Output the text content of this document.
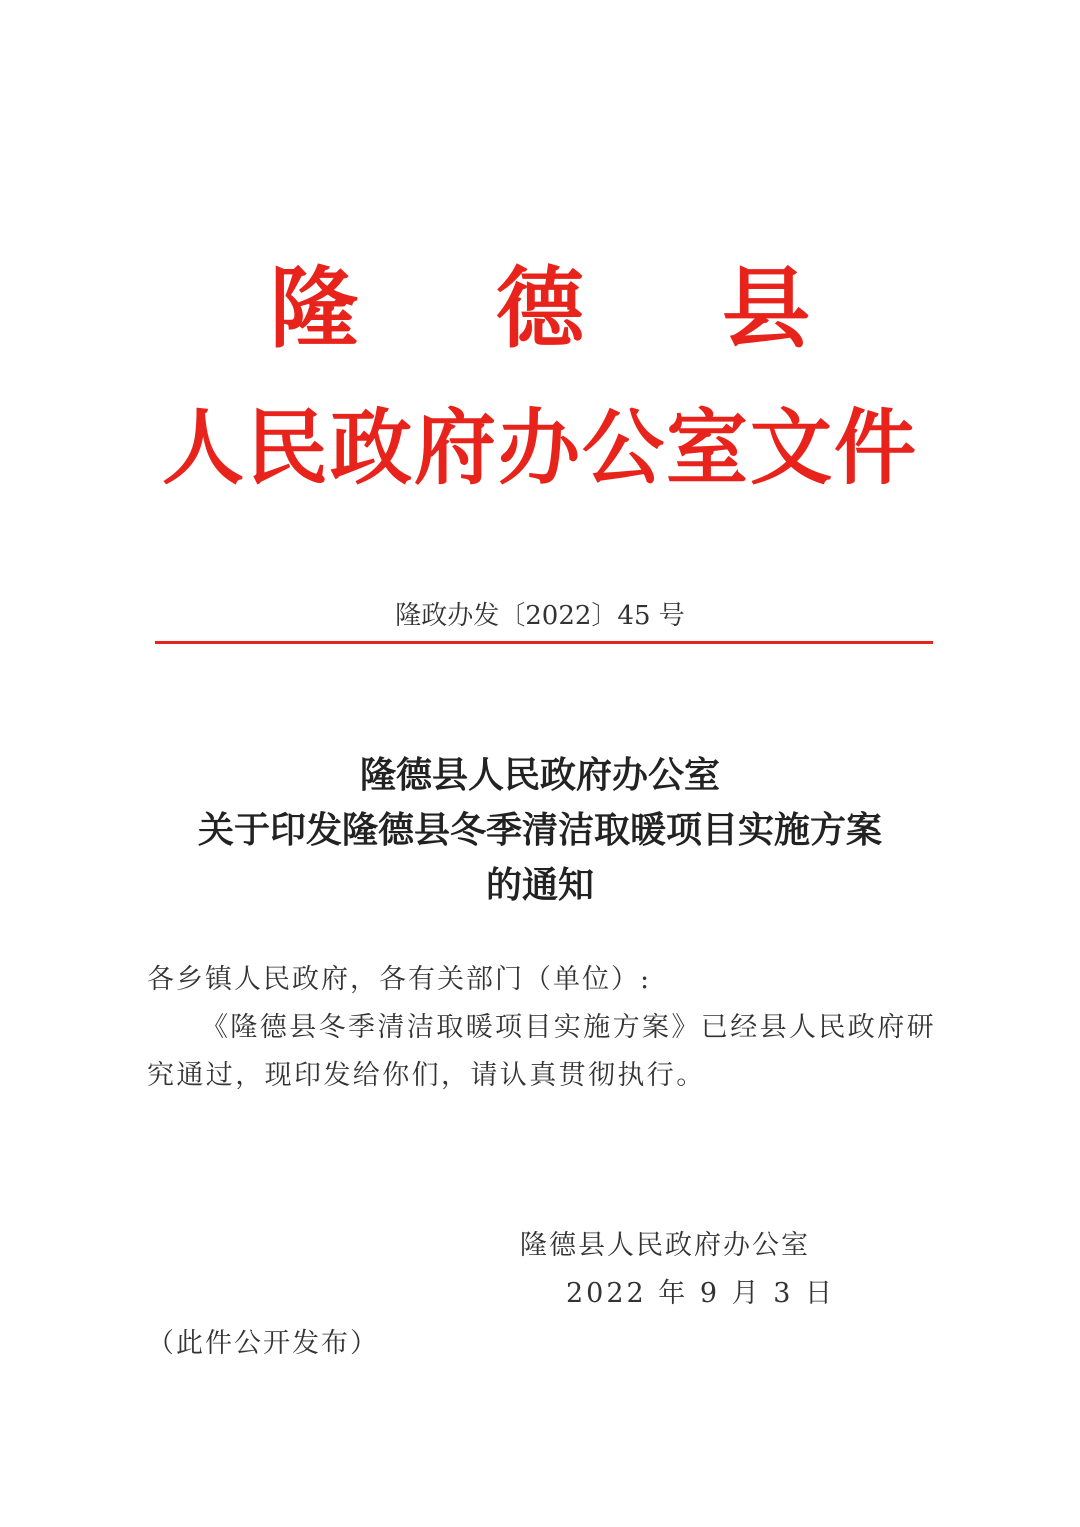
隆 德 县
人民政府办公室文件
隆政办发〔2022〕45 号
隆德县人民政府办公室
关于印发隆德县冬季清洁取暖项目实施方案
的通知
各乡镇人民政府，各有关部门（单位）:
《隆德县冬季清洁取暖项目实施方案》已经县人民政府研究通过，现印发给你们，请认真贯彻执行。
隆德县人民政府办公室
2022 年 9 月 3 日
（此件公开发布）
